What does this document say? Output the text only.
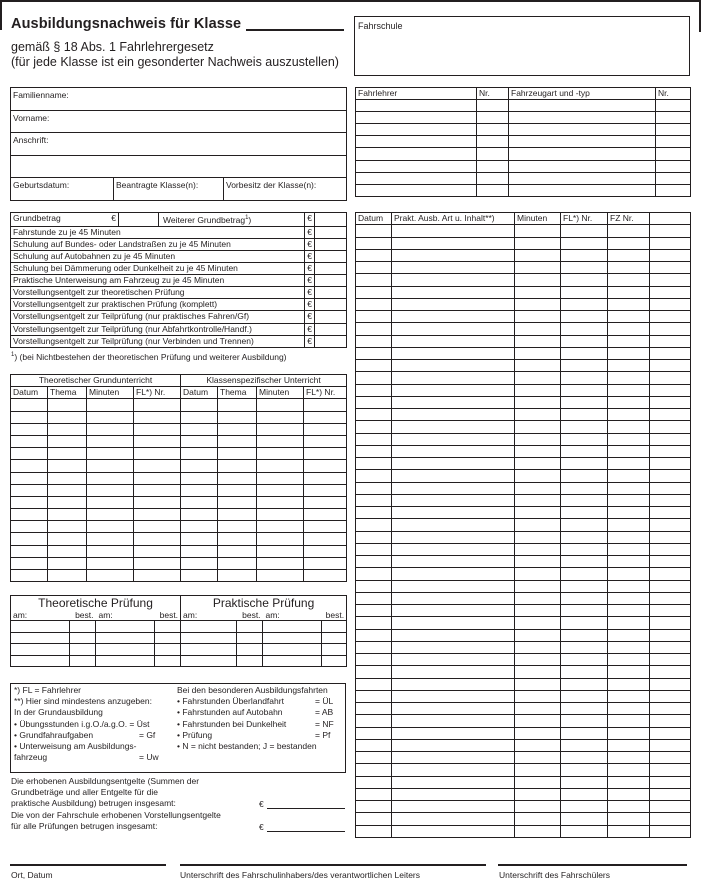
Ausbildungsnachweis für Klasse
gemäß § 18 Abs. 1 Fahrlehrergesetz
(für jede Klasse ist ein gesonderter Nachweis auszustellen)
Fahrschule
Familienname:
Vorname:
Anschrift:

Geburtsdatum:	Beantragte Klasse(n):	Vorbesitz der Klasse(n):
Fahrlehrer	Nr.	Fahrzeugart und -typ	Nr.

Grundbetrag €		Weiterer Grundbetrag$^1$)	€	
Fahrstunde zu je 45 Minuten			€	
Schulung auf Bundes- oder Landstraßen zu je 45 Minuten			€	
Schulung auf Autobahnen zu je 45 Minuten			€	
Schulung bei Dämmerung oder Dunkelheit zu je 45 Minuten			€	
Praktische Unterweisung am Fahrzeug zu je 45 Minuten			€	
Vorstellungsentgelt zur theoretischen Prüfung			€	
Vorstellungsentgelt zur praktischen Prüfung (komplett)			€	
Vorstellungsentgelt zur Teilprüfung (nur praktisches Fahren/Gf)			€	
Vorstellungsentgelt zur Teilprüfung (nur Abfahrtkontrolle/Handf.)			€	
Vorstellungsentgelt zur Teilprüfung (nur Verbinden und Trennen)			€	
$^1$) (bei Nichtbestehen der theoretischen Prüfung und weiterer Ausbildung)
Theoretischer Grundunterricht				Klassenspezifischer Unterricht			
Datum	Thema	Minuten	FL*) Nr.	Datum	Thema	Minuten	FL*) Nr.

Theoretische Prüfung				Praktische Prüfung			
am:	best.	am:	best.	am:	best.	am:	best.

*) FL = Fahrlehrer
**) Hier sind mindestens anzugeben:
In der Grundausbildung
• Übungsstunden i.g.O./a.g.O. = Üst
• Grundfahraufgaben	= Gf
• Unterweisung am Ausbildungs-
fahrzeug	= Uw
Bei den besonderen Ausbildungsfahrten
• Fahrstunden Überlandfahrt	= ÜL
• Fahrstunden auf Autobahn	= AB
• Fahrstunden bei Dunkelheit	= NF
• Prüfung	= Pf
• N = nicht bestanden; J = bestanden
Die erhobenen Ausbildungsentgelte (Summen der
Grundbeträge und aller Entgelte für die
praktische Ausbildung) betrugen insgesamt:
Die von der Fahrschule erhobenen Vorstellungsentgelte
für alle Prüfungen betrugen insgesamt:
€
€
Datum	Prakt. Ausb. Art u. Inhalt**)	Minuten	FL*) Nr.	FZ Nr.	

Ort, Datum	Unterschrift des Fahrschulinhabers/des verantwortlichen Leiters	Unterschrift des Fahrschülers
